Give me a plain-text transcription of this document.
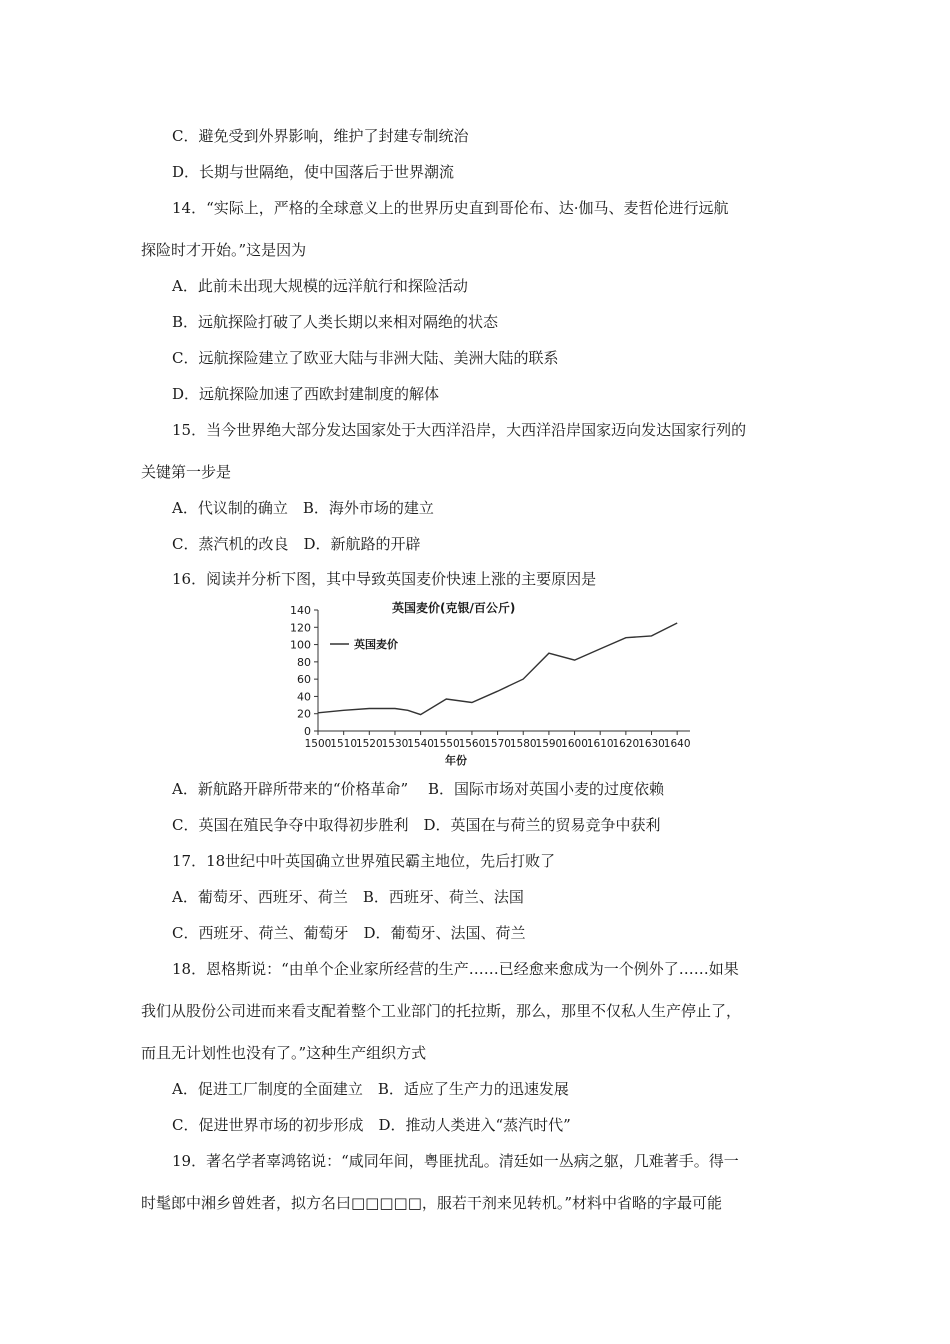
C．避免受到外界影响，维护了封建专制统治
D．长期与世隔绝，使中国落后于世界潮流
14．“实际上，严格的全球意义上的世界历史直到哥伦布、达·伽马、麦哲伦进行远航
探险时才开始。”这是因为
A．此前未出现大规模的远洋航行和探险活动
B．远航探险打破了人类长期以来相对隔绝的状态
C．远航探险建立了欧亚大陆与非洲大陆、美洲大陆的联系
D．远航探险加速了西欧封建制度的解体
15．当今世界绝大部分发达国家处于大西洋沿岸，大西洋沿岸国家迈向发达国家行列的
关键第一步是
A．代议制的确立　B．海外市场的建立
C．蒸汽机的改良　D．新航路的开辟
16．阅读并分析下图，其中导致英国麦价快速上涨的主要原因是
英国麦价(克银/百公斤)
0
20
40
60
80
100
120
140
1500
1510
1520
1530
1540
1550
1560
1570
1580
1590
1600
1610
1620
1630
1640
英国麦价
年份
A．新航路开辟所带来的“价格革命”　 B．国际市场对英国小麦的过度依赖
C．英国在殖民争夺中取得初步胜利　D．英国在与荷兰的贸易竞争中获利
17．18世纪中叶英国确立世界殖民霸主地位，先后打败了
A．葡萄牙、西班牙、荷兰　B．西班牙、荷兰、法国
C．西班牙、荷兰、葡萄牙　D．葡萄牙、法国、荷兰
18．恩格斯说：“由单个企业家所经营的生产……已经愈来愈成为一个例外了……如果
我们从股份公司进而来看支配着整个工业部门的托拉斯，那么，那里不仅私人生产停止了，
而且无计划性也没有了。”这种生产组织方式
A．促进工厂制度的全面建立　B．适应了生产力的迅速发展
C．促进世界市场的初步形成　D．推动人类进入“蒸汽时代”
19．著名学者辜鸿铭说：“咸同年间，粤匪扰乱。清廷如一丛病之躯，几难著手。得一
时髦郎中湘乡曾姓者，拟方名曰□□□□□，服若干剂来见转机。”材料中省略的字最可能
